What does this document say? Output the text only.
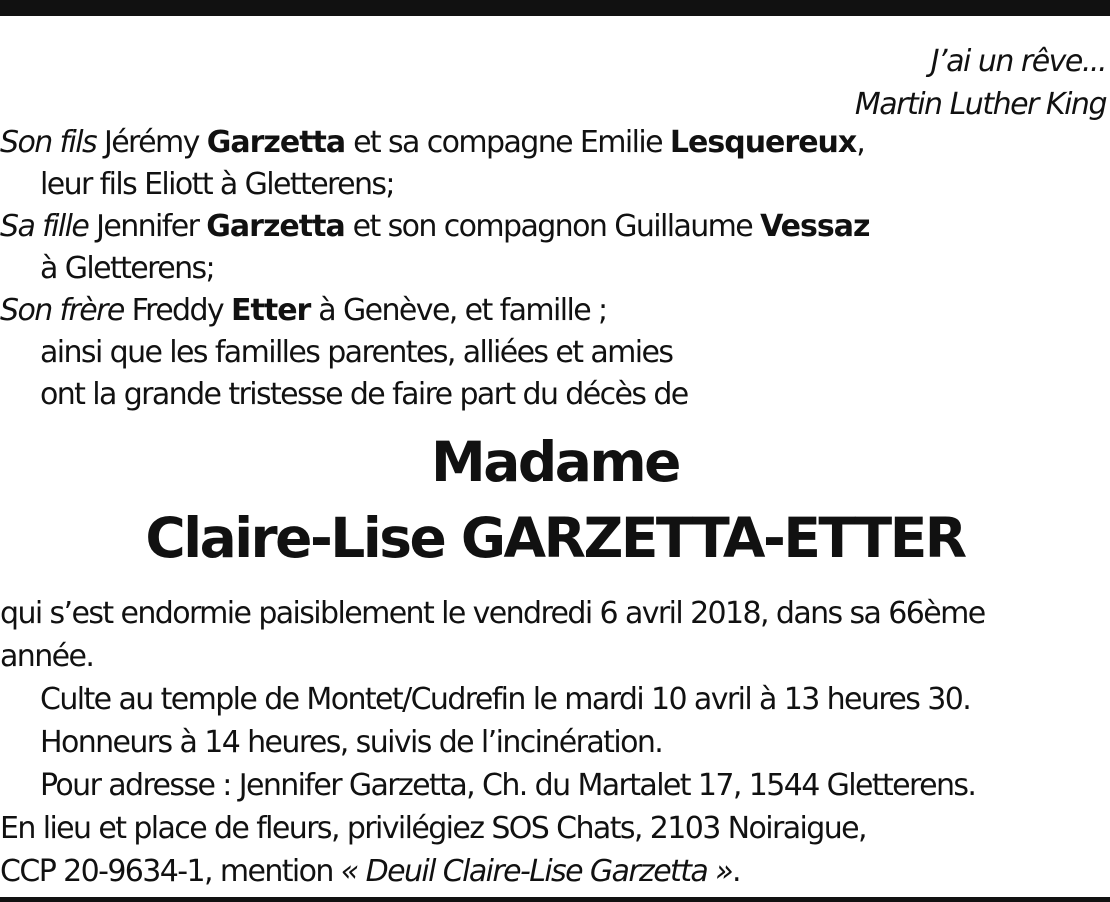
J’ai un rêve...
Martin Luther King
Son fils Jérémy Garzetta et sa compagne Emilie Lesquereux,
leur fils Eliott à Gletterens;
Sa fille Jennifer Garzetta et son compagnon Guillaume Vessaz
à Gletterens;
Son frère Freddy Etter à Genève, et famille ;
ainsi que les familles parentes, alliées et amies
ont la grande tristesse de faire part du décès de
Madame
Claire-Lise GARZETTA-ETTER
qui s’est endormie paisiblement le vendredi 6 avril 2018, dans sa 66ème
année.
Culte au temple de Montet/Cudrefin le mardi 10 avril à 13 heures 30.
Honneurs à 14 heures, suivis de l’incinération.
Pour adresse : Jennifer Garzetta, Ch. du Martalet 17, 1544 Gletterens.
En lieu et place de fleurs, privilégiez SOS Chats, 2103 Noiraigue,
CCP 20-9634-1, mention « Deuil Claire-Lise Garzetta ».
